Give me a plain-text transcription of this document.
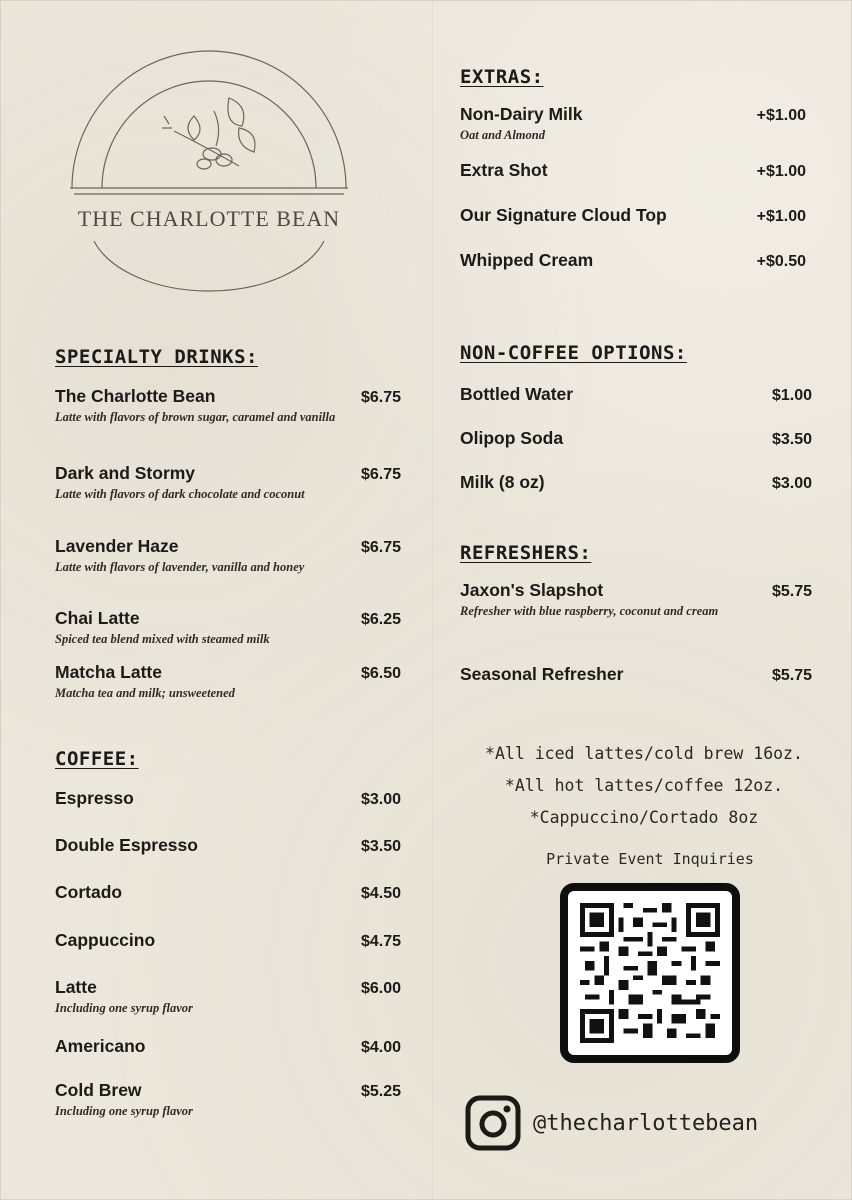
THE CHARLOTTE BEAN
EXTRAS:
Non-Dairy Milk	+$1.00
Oat and Almond
Extra Shot	+$1.00
Our Signature Cloud Top	+$1.00
Whipped Cream	+$0.50
SPECIALTY DRINKS:
The Charlotte Bean	$6.75
Latte with flavors of brown sugar, caramel and vanilla
Dark and Stormy	$6.75
Latte with flavors of dark chocolate and coconut
Lavender Haze	$6.75
Latte with flavors of lavender, vanilla and honey
Chai Latte	$6.25
Spiced tea blend mixed with steamed milk
Matcha Latte	$6.50
Matcha tea and milk; unsweetened
NON-COFFEE OPTIONS:
Bottled Water	$1.00
Olipop Soda	$3.50
Milk (8 oz)	$3.00
REFRESHERS:
Jaxon's Slapshot	$5.75
Refresher with blue raspberry, coconut and cream
Seasonal Refresher	$5.75
COFFEE:
Espresso	$3.00
Double Espresso	$3.50
Cortado	$4.50
Cappuccino	$4.75
Latte	$6.00
Including one syrup flavor
Americano	$4.00
Cold Brew	$5.25
Including one syrup flavor
*All iced lattes/cold brew 16oz.
*All hot lattes/coffee 12oz.
*Cappuccino/Cortado 8oz
Private Event Inquiries
@thecharlottebean
